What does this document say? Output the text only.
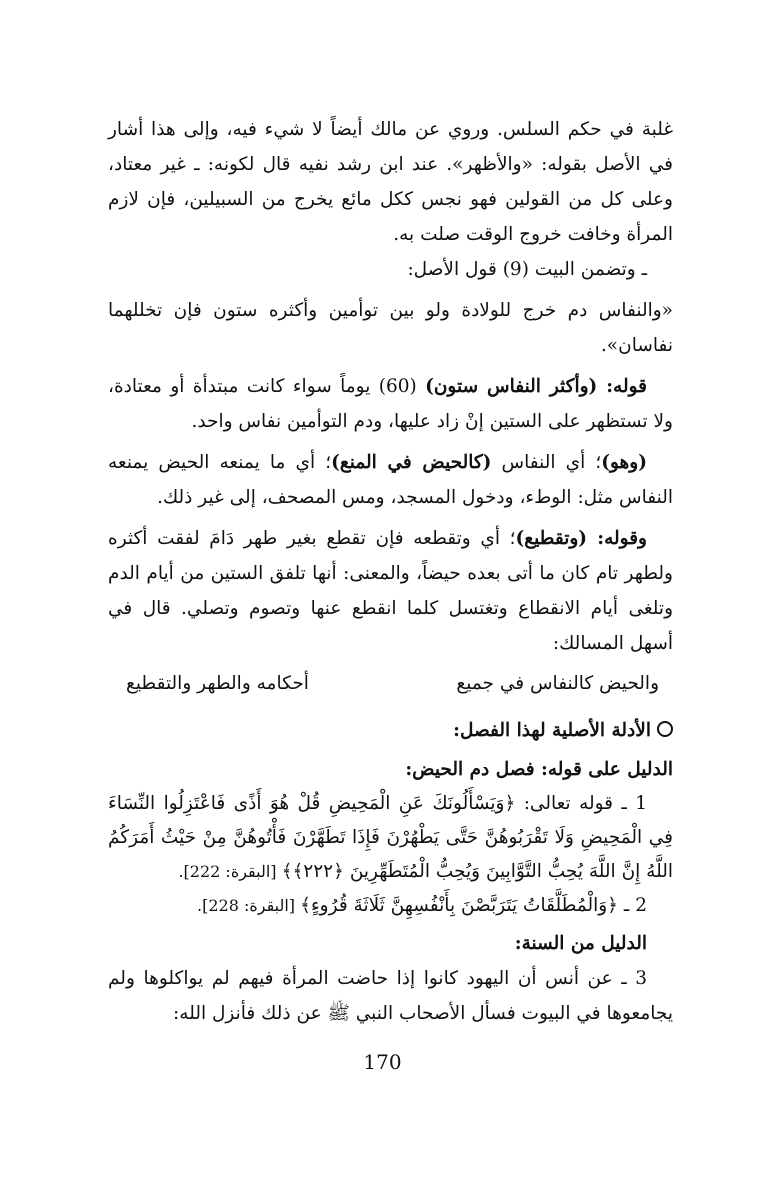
غلبة في حكم السلس. وروي عن مالك أيضاً لا شيء فيه، وإلى هذا أشار في الأصل بقوله: «والأظهر». عند ابن رشد نفيه قال لكونه: ـ غير معتاد، وعلى كل من القولين فهو نجس ككل مائع يخرج من السبيلين، فإن لازم المرأة وخافت خروج الوقت صلت به.

ـ وتضمن البيت (9) قول الأصل:

«والنفاس دم خرج للولادة ولو بين توأمين وأكثره ستون فإن تخللهما نفاسان».

قوله: (وأكثر النفاس ستون) (60) يوماً سواء كانت مبتدأة أو معتادة، ولا تستظهر على الستين إنْ زاد عليها، ودم التوأمين نفاس واحد.

(وهو)؛ أي النفاس (كالحيض في المنع)؛ أي ما يمنعه الحيض يمنعه النفاس مثل: الوطء، ودخول المسجد، ومس المصحف، إلى غير ذلك.

وقوله: (وتقطيع)؛ أي وتقطعه فإن تقطع بغير طهر دَامَ لفقت أكثره ولطهر تام كان ما أتى بعده حيضاً، والمعنى: أنها تلفق الستين من أيام الدم وتلغى أيام الانقطاع وتغتسل كلما انقطع عنها وتصوم وتصلي. قال في أسهل المسالك:

والحيض كالنفاس في جميع
أحكامه والطهر والتقطيع
الأدلة الأصلية لهذا الفصل:
الدليل على قوله: فصل دم الحيض:

1 ـ قوله تعالى: ﴿وَيَسْأَلُونَكَ عَنِ الْمَحِيضِ قُلْ هُوَ أَذًى فَاعْتَزِلُوا النِّسَاءَ فِي الْمَحِيضِ وَلَا تَقْرَبُوهُنَّ حَتَّى يَطْهُرْنَ فَإِذَا تَطَهَّرْنَ فَأْتُوهُنَّ مِنْ حَيْثُ أَمَرَكُمُ اللَّهُ إِنَّ اللَّهَ يُحِبُّ التَّوَّابِينَ وَيُحِبُّ الْمُتَطَهِّرِينَ ﴿٢٢٢﴾﴾ [البقرة: 222].

2 ـ ﴿وَالْمُطَلَّقَاتُ يَتَرَبَّصْنَ بِأَنْفُسِهِنَّ ثَلَاثَةَ قُرُوءٍ﴾ [البقرة: 228].

الدليل من السنة:

3 ـ عن أنس أن اليهود كانوا إذا حاضت المرأة فيهم لم يواكلوها ولم يجامعوها في البيوت فسأل الأصحاب النبي ﷺ عن ذلك فأنزل الله:

170
